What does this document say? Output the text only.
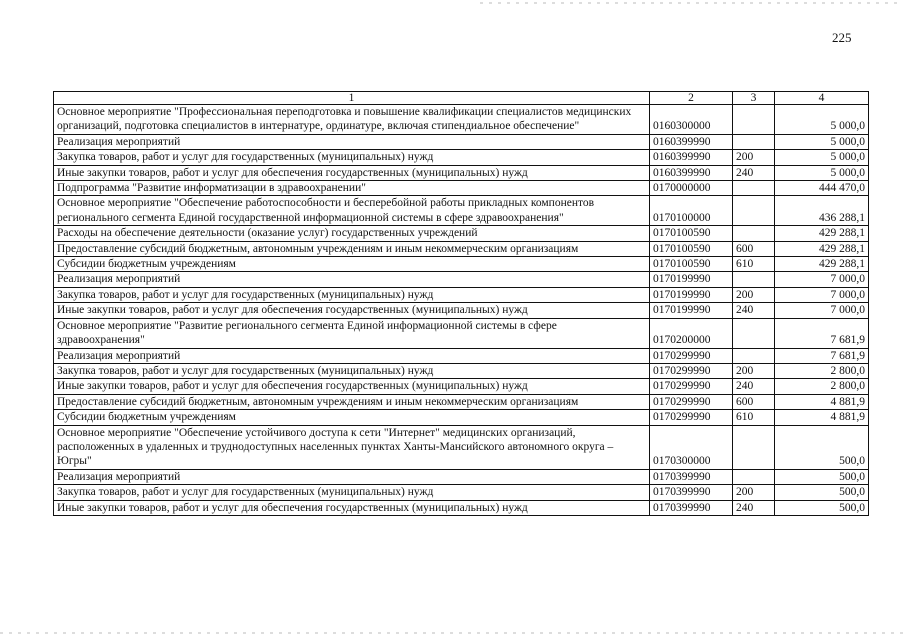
225
1	2	3	4
Основное мероприятие "Профессиональная переподготовка и повышение квалификации специалистов медицинских организаций, подготовка специалистов в интернатуре, ординатуре, включая стипендиальное обеспечение"	0160300000		5 000,0
Реализация мероприятий	0160399990		5 000,0
Закупка товаров, работ и услуг для государственных (муниципальных) нужд	0160399990	200	5 000,0
Иные закупки товаров, работ и услуг для обеспечения государственных (муниципальных) нужд	0160399990	240	5 000,0
Подпрограмма "Развитие информатизации в здравоохранении"	0170000000		444 470,0
Основное мероприятие "Обеспечение работоспособности и бесперебойной работы прикладных компонентов регионального сегмента Единой государственной информационной системы в сфере здравоохранения"	0170100000		436 288,1
Расходы на обеспечение деятельности (оказание услуг) государственных учреждений	0170100590		429 288,1
Предоставление субсидий бюджетным, автономным учреждениям и иным некоммерческим организациям	0170100590	600	429 288,1
Субсидии бюджетным учреждениям	0170100590	610	429 288,1
Реализация мероприятий	0170199990		7 000,0
Закупка товаров, работ и услуг для государственных (муниципальных) нужд	0170199990	200	7 000,0
Иные закупки товаров, работ и услуг для обеспечения государственных (муниципальных) нужд	0170199990	240	7 000,0
Основное мероприятие "Развитие регионального сегмента Единой информационной системы в сфере здравоохранения"	0170200000		7 681,9
Реализация мероприятий	0170299990		7 681,9
Закупка товаров, работ и услуг для государственных (муниципальных) нужд	0170299990	200	2 800,0
Иные закупки товаров, работ и услуг для обеспечения государственных (муниципальных) нужд	0170299990	240	2 800,0
Предоставление субсидий бюджетным, автономным учреждениям и иным некоммерческим организациям	0170299990	600	4 881,9
Субсидии бюджетным учреждениям	0170299990	610	4 881,9
Основное мероприятие "Обеспечение устойчивого доступа к сети "Интернет" медицинских организаций, расположенных в удаленных и труднодоступных населенных пунктах Ханты-Мансийского автономного округа – Югры"	0170300000		500,0
Реализация мероприятий	0170399990		500,0
Закупка товаров, работ и услуг для государственных (муниципальных) нужд	0170399990	200	500,0
Иные закупки товаров, работ и услуг для обеспечения государственных (муниципальных) нужд	0170399990	240	500,0
